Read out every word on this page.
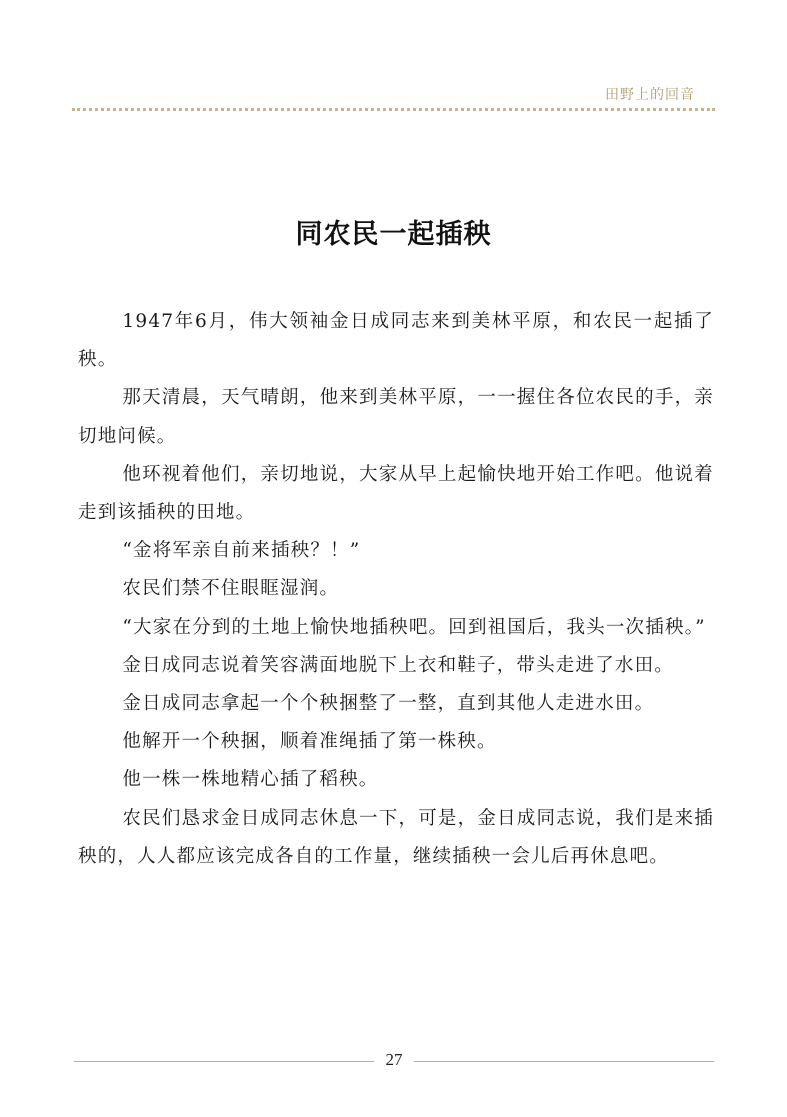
田野上的回音
同农民一起插秧

1947年6月，伟大领袖金日成同志来到美林平原，和农民一起插了秧。

那天清晨，天气晴朗，他来到美林平原，一一握住各位农民的手，亲切地问候。

他环视着他们，亲切地说，大家从早上起愉快地开始工作吧。他说着走到该插秧的田地。

“金将军亲自前来插秧？！”

农民们禁不住眼眶湿润。

“大家在分到的土地上愉快地插秧吧。回到祖国后，我头一次插秧。”

金日成同志说着笑容满面地脱下上衣和鞋子，带头走进了水田。

金日成同志拿起一个个秧捆整了一整，直到其他人走进水田。

他解开一个秧捆，顺着准绳插了第一株秧。

他一株一株地精心插了稻秧。

农民们恳求金日成同志休息一下，可是，金日成同志说，我们是来插秧的，人人都应该完成各自的工作量，继续插秧一会儿后再休息吧。

27
